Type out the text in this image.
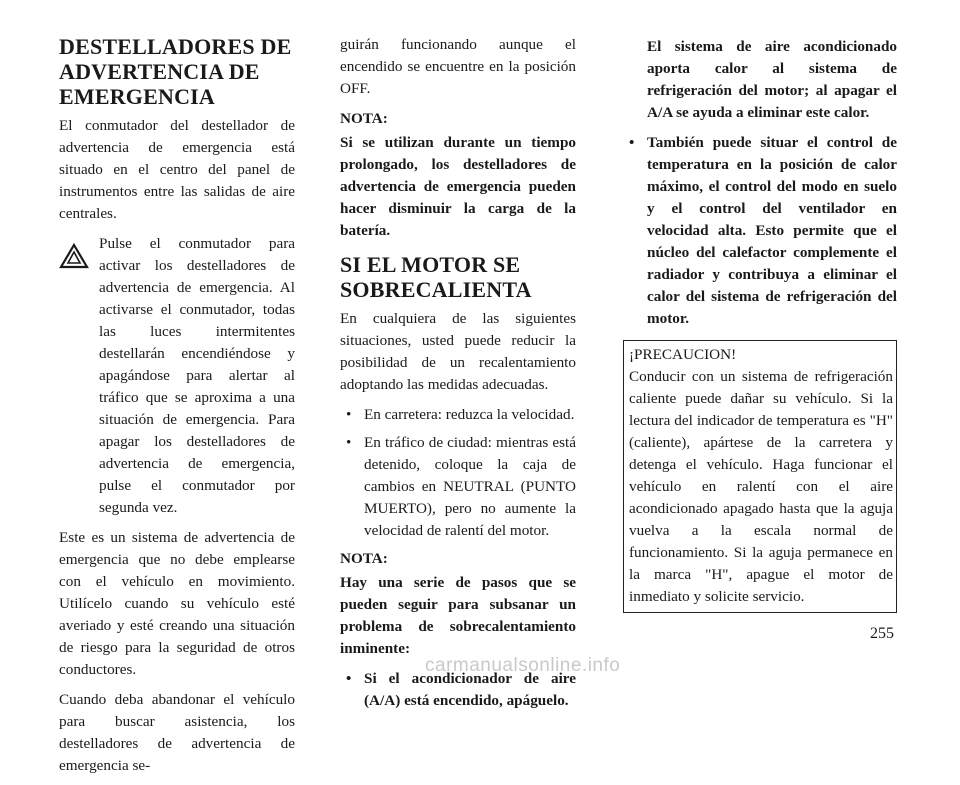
DESTELLADORES DE ADVERTENCIA DE EMERGENCIA

El conmutador del destellador de advertencia de emergencia está situado en el centro del panel de instrumentos entre las salidas de aire centrales.

Pulse el conmutador para activar los destelladores de advertencia de emergencia. Al activarse el conmutador, todas las luces intermitentes destellarán encendiéndose y apagándose para alertar al tráfico que se aproxima a una situación de emergencia. Para apagar los destelladores de advertencia de emergencia, pulse el conmutador por segunda vez.

Este es un sistema de advertencia de emergencia que no debe emplearse con el vehículo en movimiento. Utilícelo cuando su vehículo esté averiado y esté creando una situación de riesgo para la seguridad de otros conductores.

Cuando deba abandonar el vehículo para buscar asistencia, los destelladores de advertencia de emergencia se-

guirán funcionando aunque el encendido se encuentre en la posición OFF.

NOTA:

Si se utilizan durante un tiempo prolongado, los destelladores de advertencia de emergencia pueden hacer disminuir la carga de la batería.

SI EL MOTOR SE SOBRECALIENTA

En cualquiera de las siguientes situaciones, usted puede reducir la posibilidad de un recalentamiento adoptando las medidas adecuadas.

• En carretera: reduzca la velocidad.
• En tráfico de ciudad: mientras está detenido, coloque la caja de cambios en NEUTRAL (PUNTO MUERTO), pero no aumente la velocidad de ralentí del motor.

NOTA:

Hay una serie de pasos que se pueden seguir para subsanar un problema de sobrecalentamiento inminente:

• Si el acondicionador de aire (A/A) está encendido, apáguelo.

El sistema de aire acondicionado aporta calor al sistema de refrigeración del motor; al apagar el A/A se ayuda a eliminar este calor.

• También puede situar el control de temperatura en la posición de calor máximo, el control del modo en suelo y el control del ventilador en velocidad alta. Esto permite que el núcleo del calefactor complemente el radiador y contribuya a eliminar el calor del sistema de refrigeración del motor.
¡PRECAUCION!
Conducir con un sistema de refrigeración caliente puede dañar su vehículo. Si la lectura del indicador de temperatura es "H" (caliente), apártese de la carretera y detenga el vehículo. Haga funcionar el vehículo en ralentí con el aire acondicionado apagado hasta que la aguja vuelva a la escala normal de funcionamiento. Si la aguja permanece en la marca "H", apague el motor de inmediato y solicite servicio.
255
carmanualsonline.info
